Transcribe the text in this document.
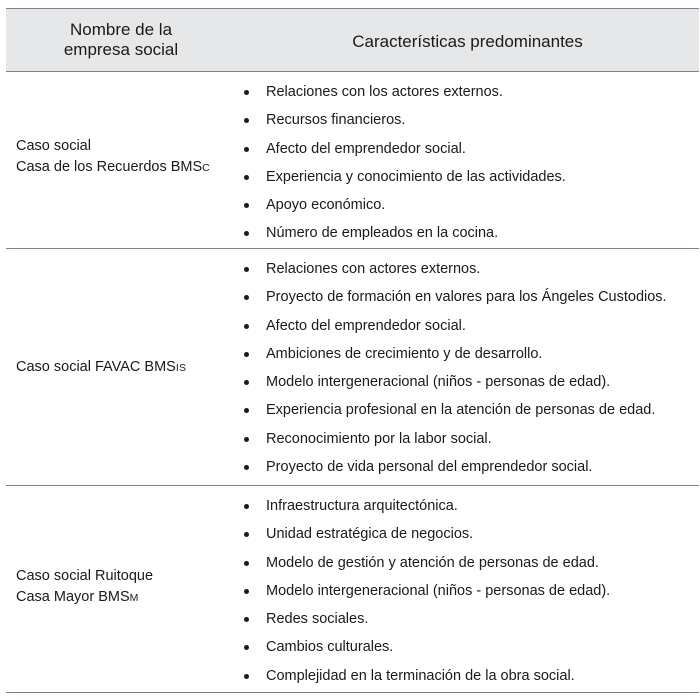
Nombre de la
empresa social	Características predominantes
Caso social
Casa de los Recuerdos BMSC
Relaciones con los actores externos.
Recursos financieros.
Afecto del emprendedor social.
Experiencia y conocimiento de las actividades.
Apoyo económico.
Número de empleados en la cocina.
Caso social FAVAC BMSIS
Relaciones con actores externos.
Proyecto de formación en valores para los Ángeles Custodios.
Afecto del emprendedor social.
Ambiciones de crecimiento y de desarrollo.
Modelo intergeneracional (niños - personas de edad).
Experiencia profesional en la atención de personas de edad.
Reconocimiento por la labor social.
Proyecto de vida personal del emprendedor social.
Caso social Ruitoque
Casa Mayor BMSM
Infraestructura arquitectónica.
Unidad estratégica de negocios.
Modelo de gestión y atención de personas de edad.
Modelo intergeneracional (niños - personas de edad).
Redes sociales.
Cambios culturales.
Complejidad en la terminación de la obra social.
